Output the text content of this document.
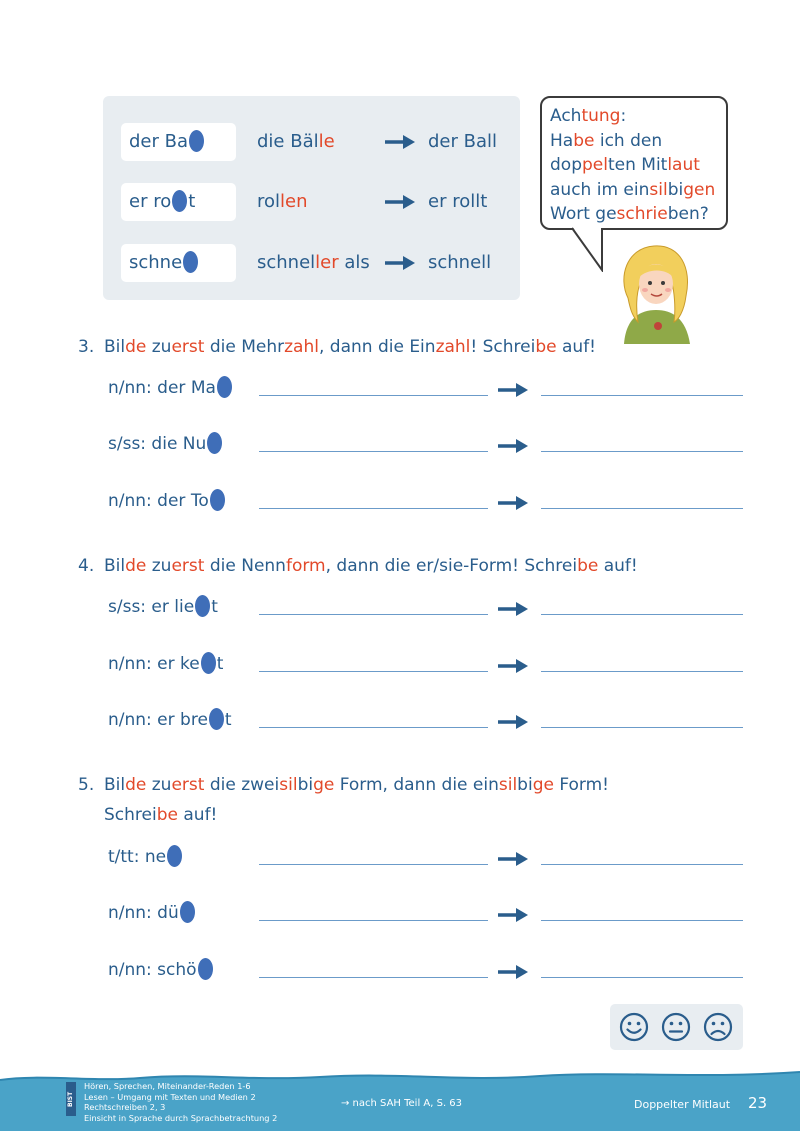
der Ba	die Bälle	der Ball
er ro t	rollen	er rollt
schne	schneller als	schnell
Achtung:
Habe ich den
doppelten Mitlaut
auch im einsilbigen
Wort geschrieben?
3. Bilde zuerst die Mehrzahl, dann die Einzahl! Schreibe auf!
n/nn: der Ma
s/ss: die Nu
n/nn: der To
4. Bilde zuerst die Nennform, dann die er/sie-Form! Schreibe auf!
s/ss: er lie t
n/nn: er ke t
n/nn: er bre t
5. Bilde zuerst die zweisilbige Form, dann die einsilbige Form!
Schreibe auf!
t/tt: ne
n/nn: dü
n/nn: schö
BIST
Hören, Sprechen, Miteinander-Reden 1-6
Lesen – Umgang mit Texten und Medien 2
Rechtschreiben 2, 3
Einsicht in Sprache durch Sprachbetrachtung 2
→ nach SAH Teil A, S. 63	Doppelter Mitlaut 23
